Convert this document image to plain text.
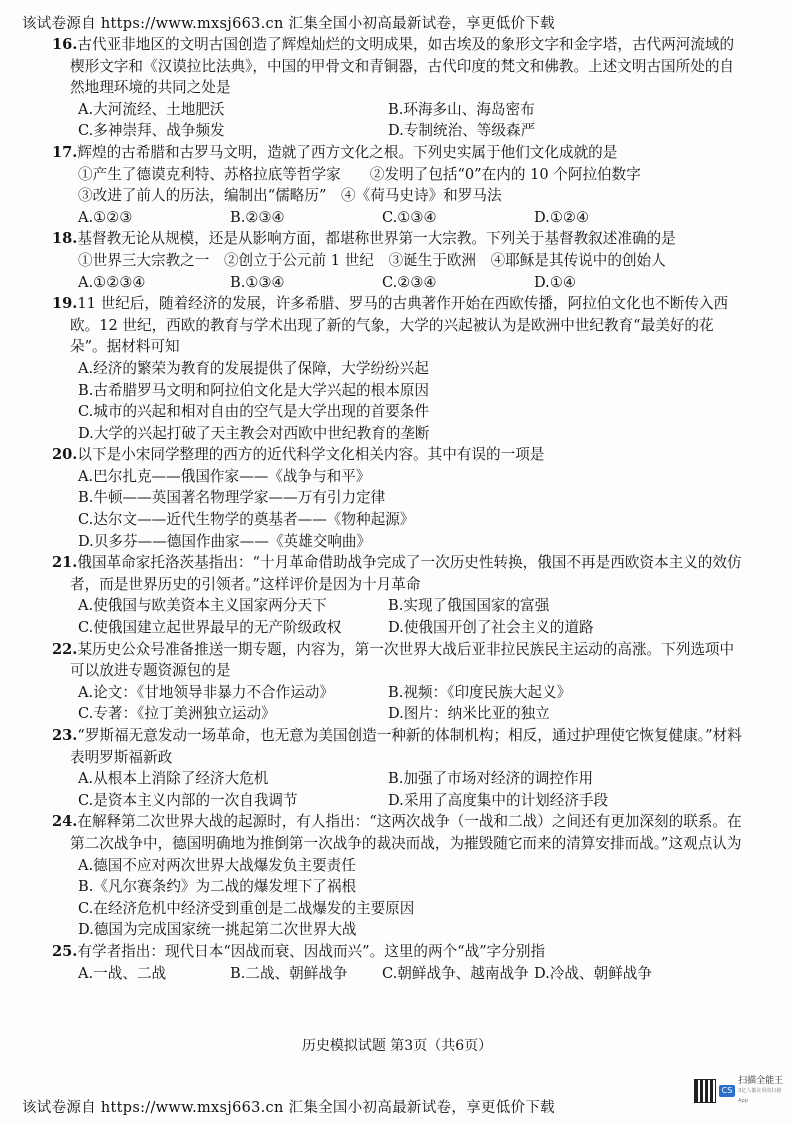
该试卷源自 https://www.mxsj663.cn 汇集全国小初高最新试卷，享更低价下载
16.古代亚非地区的文明古国创造了辉煌灿烂的文明成果，如古埃及的象形文字和金字塔，古代两河流域的楔形文字和《汉谟拉比法典》，中国的甲骨文和青铜器，古代印度的梵文和佛教。上述文明古国所处的自然地理环境的共同之处是
A.大河流经、土地肥沃	B.环海多山、海岛密布
C.多神崇拜、战争频发	D.专制统治、等级森严
17.辉煌的古希腊和古罗马文明，造就了西方文化之根。下列史实属于他们文化成就的是
①产生了德谟克利特、苏格拉底等哲学家　　②发明了包括“0”在内的 10 个阿拉伯数字
③改进了前人的历法，编制出“儒略历”　④《荷马史诗》和罗马法
A.①②③	B.②③④	C.①③④	D.①②④
18.基督教无论从规模，还是从影响方面，都堪称世界第一大宗教。下列关于基督教叙述准确的是
①世界三大宗教之一　②创立于公元前 1 世纪　③诞生于欧洲　④耶稣是其传说中的创始人
A.①②③④	B.①③④	C.②③④	D.①④
19.11 世纪后，随着经济的发展，许多希腊、罗马的古典著作开始在西欧传播，阿拉伯文化也不断传入西欧。12 世纪，西欧的教育与学术出现了新的气象，大学的兴起被认为是欧洲中世纪教育“最美好的花朵”。据材料可知
A.经济的繁荣为教育的发展提供了保障，大学纷纷兴起
B.古希腊罗马文明和阿拉伯文化是大学兴起的根本原因
C.城市的兴起和相对自由的空气是大学出现的首要条件
D.大学的兴起打破了天主教会对西欧中世纪教育的垄断
20.以下是小宋同学整理的西方的近代科学文化相关内容。其中有误的一项是
A.巴尔扎克——俄国作家——《战争与和平》
B.牛顿——英国著名物理学家——万有引力定律
C.达尔文——近代生物学的奠基者——《物种起源》
D.贝多芬——德国作曲家——《英雄交响曲》
21.俄国革命家托洛茨基指出：“十月革命借助战争完成了一次历史性转换，俄国不再是西欧资本主义的效仿者，而是世界历史的引领者。”这样评价是因为十月革命
A.使俄国与欧美资本主义国家两分天下	B.实现了俄国国家的富强
C.使俄国建立起世界最早的无产阶级政权	D.使俄国开创了社会主义的道路
22.某历史公众号准备推送一期专题，内容为，第一次世界大战后亚非拉民族民主运动的高涨。下列选项中可以放进专题资源包的是
A.论文：《甘地领导非暴力不合作运动》	B.视频：《印度民族大起义》
C.专著：《拉丁美洲独立运动》	D.图片：纳米比亚的独立
23.“罗斯福无意发动一场革命，也无意为美国创造一种新的体制机构；相反，通过护理使它恢复健康。”材料表明罗斯福新政
A.从根本上消除了经济大危机	B.加强了市场对经济的调控作用
C.是资本主义内部的一次自我调节	D.采用了高度集中的计划经济手段
24.在解释第二次世界大战的起源时，有人指出：“这两次战争（一战和二战）之间还有更加深刻的联系。在第二次战争中，德国明确地为推倒第一次战争的裁决而战，为摧毁随它而来的清算安排而战。”这观点认为
A.德国不应对两次世界大战爆发负主要责任
B.《凡尔赛条约》为二战的爆发埋下了祸根
C.在经济危机中经济受到重创是二战爆发的主要原因
D.德国为完成国家统一挑起第二次世界大战
25.有学者指出：现代日本“因战而衰、因战而兴”。这里的两个“战”字分别指
A.一战、二战	B.二战、朝鲜战争	C.朝鲜战争、越南战争 D.冷战、朝鲜战争
历史模拟试题 第3页（共6页）
CS
扫描全能王
3亿人都在用的扫描App
该试卷源自 https://www.mxsj663.cn 汇集全国小初高最新试卷，享更低价下载
